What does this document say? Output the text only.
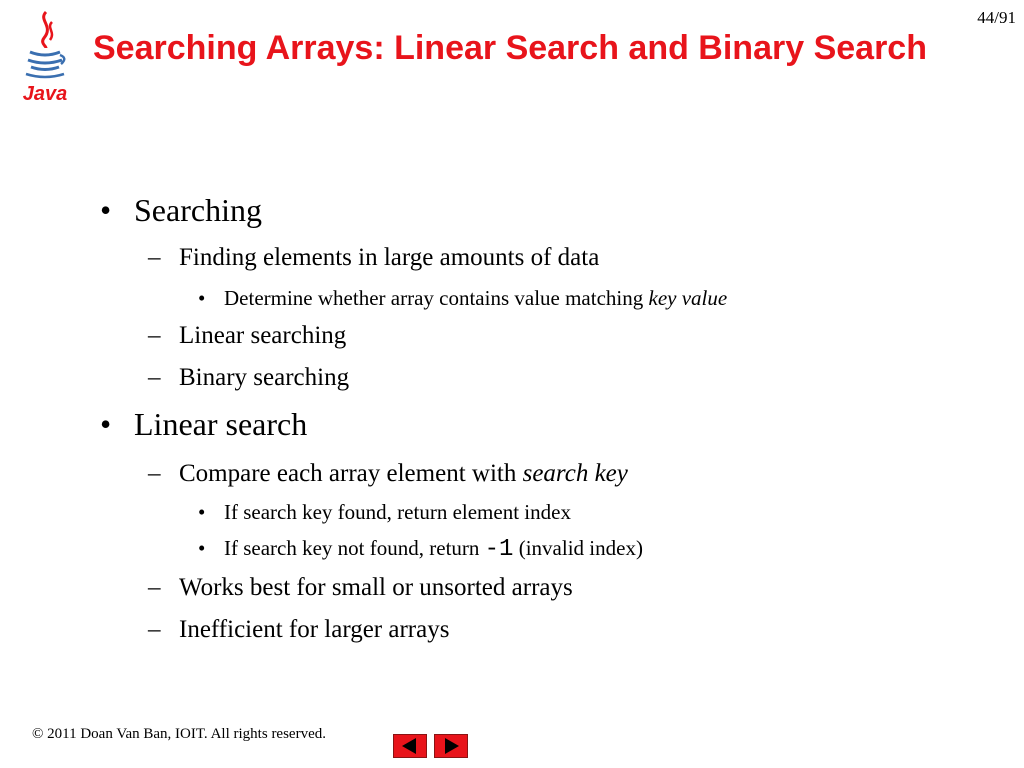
Java
44/91
Searching Arrays: Linear Search and Binary Search
• Searching
– Finding elements in large amounts of data
• Determine whether array contains value matching key value
– Linear searching
– Binary searching
• Linear search
– Compare each array element with search key
• If search key found, return element index
• If search key not found, return -1 (invalid index)
– Works best for small or unsorted arrays
– Inefficient for larger arrays
© 2011 Doan Van Ban, IOIT. All rights reserved.
